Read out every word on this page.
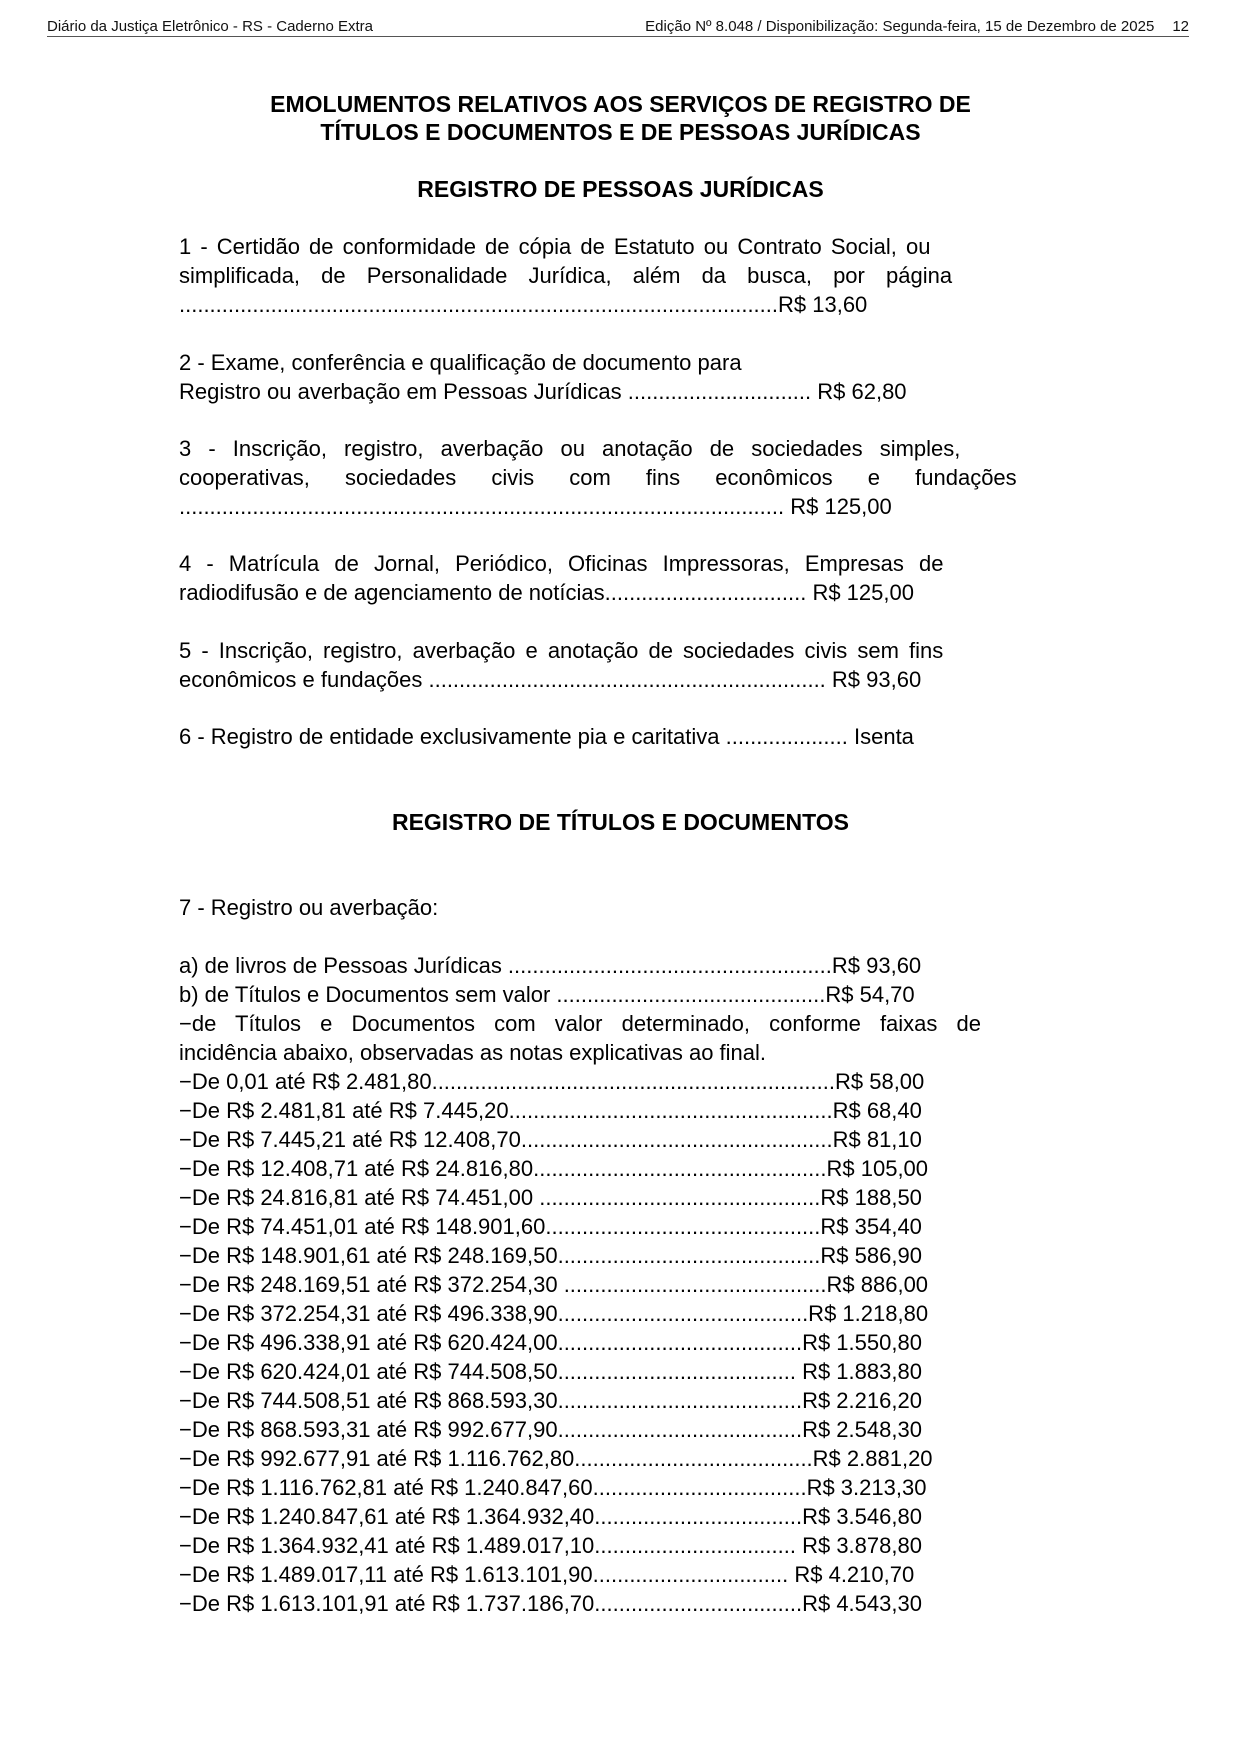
Diário da Justiça Eletrônico - RS - Caderno Extra	Edição Nº 8.048 / Disponibilização: Segunda-feira, 15 de Dezembro de 2025 12
EMOLUMENTOS RELATIVOS AOS SERVIÇOS DE REGISTRO DE
TÍTULOS E DOCUMENTOS E DE PESSOAS JURÍDICAS
REGISTRO DE PESSOAS JURÍDICAS
1 - Certidão de conformidade de cópia de Estatuto ou Contrato Social, ou
simplificada, de Personalidade Jurídica, além da busca, por página
..................................................................................................R$ 13,60
2 - Exame, conferência e qualificação de documento para
Registro ou averbação em Pessoas Jurídicas .............................. R$ 62,80
3 - Inscrição, registro, averbação ou anotação de sociedades simples,
cooperativas, sociedades civis com fins econômicos e fundações
................................................................................................... R$ 125,00
4 - Matrícula de Jornal, Periódico, Oficinas Impressoras, Empresas de
radiodifusão e de agenciamento de notícias................................. R$ 125,00
5 - Inscrição, registro, averbação e anotação de sociedades civis sem fins
econômicos e fundações ................................................................. R$ 93,60
6 - Registro de entidade exclusivamente pia e caritativa .................... Isenta
REGISTRO DE TÍTULOS E DOCUMENTOS
7 - Registro ou averbação:
a) de livros de Pessoas Jurídicas .....................................................R$ 93,60
b) de Títulos e Documentos sem valor ............................................R$ 54,70
−de Títulos e Documentos com valor determinado, conforme faixas de
incidência abaixo, observadas as notas explicativas ao final.
−De 0,01 até R$ 2.481,80..................................................................R$ 58,00
−De R$ 2.481,81 até R$ 7.445,20.....................................................R$ 68,40
−De R$ 7.445,21 até R$ 12.408,70...................................................R$ 81,10
−De R$ 12.408,71 até R$ 24.816,80................................................R$ 105,00
−De R$ 24.816,81 até R$ 74.451,00 ..............................................R$ 188,50
−De R$ 74.451,01 até R$ 148.901,60.............................................R$ 354,40
−De R$ 148.901,61 até R$ 248.169,50...........................................R$ 586,90
−De R$ 248.169,51 até R$ 372.254,30 ...........................................R$ 886,00
−De R$ 372.254,31 até R$ 496.338,90.........................................R$ 1.218,80
−De R$ 496.338,91 até R$ 620.424,00........................................R$ 1.550,80
−De R$ 620.424,01 até R$ 744.508,50....................................... R$ 1.883,80
−De R$ 744.508,51 até R$ 868.593,30........................................R$ 2.216,20
−De R$ 868.593,31 até R$ 992.677,90........................................R$ 2.548,30
−De R$ 992.677,91 até R$ 1.116.762,80.......................................R$ 2.881,20
−De R$ 1.116.762,81 até R$ 1.240.847,60...................................R$ 3.213,30
−De R$ 1.240.847,61 até R$ 1.364.932,40..................................R$ 3.546,80
−De R$ 1.364.932,41 até R$ 1.489.017,10................................. R$ 3.878,80
−De R$ 1.489.017,11 até R$ 1.613.101,90................................ R$ 4.210,70
−De R$ 1.613.101,91 até R$ 1.737.186,70..................................R$ 4.543,30
